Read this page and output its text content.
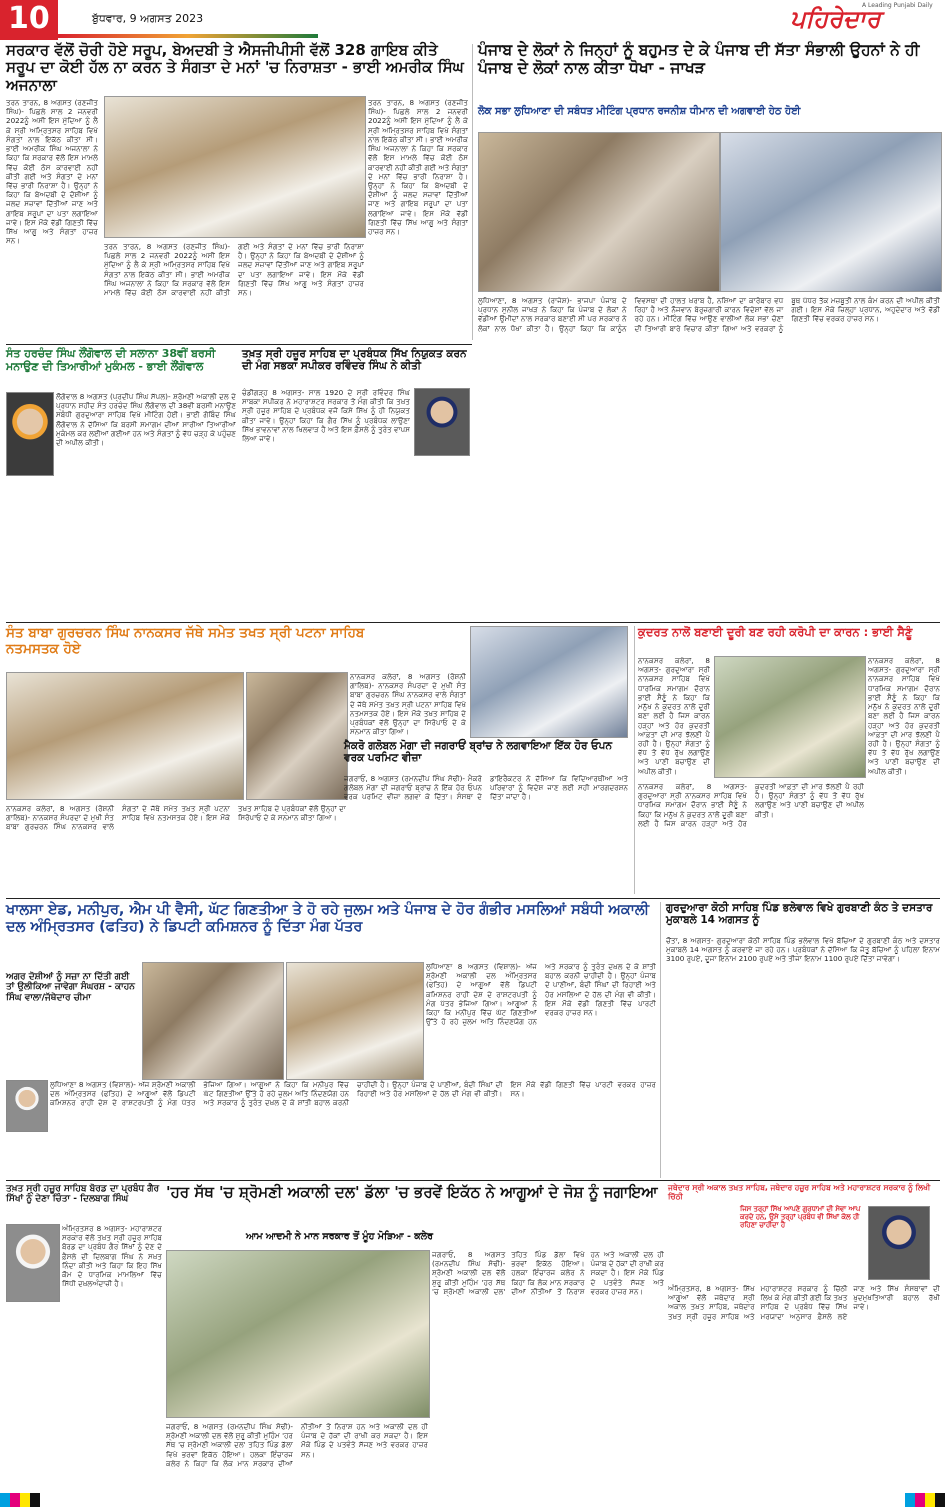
10	ਬੁੱਧਵਾਰ, 9 ਅਗਸਤ 2023	ਪਹਿਰੇਦਾਰ
A Leading Punjabi Daily
ਸਰਕਾਰ ਵੱਲੋਂ ਚੋਰੀ ਹੋਏ ਸਰੂਪ, ਬੇਅਦਬੀ ਤੇ ਐਸਜੀਪੀਸੀ ਵੱਲੋਂ 328 ਗਾਇਬ ਕੀਤੇ ਸਰੂਪ ਦਾ ਕੋਈ ਹੱਲ ਨਾ ਕਰਨ ਤੇ ਸੰਗਤਾ ਦੇ ਮਨਾਂ 'ਚ ਨਿਰਾਸ਼ਤਾ - ਭਾਈ ਅਮਰੀਕ ਸਿੰਘ ਅਜਨਾਲਾ
ਤਰਨ ਤਾਰਨ, 8 ਅਗਸਤ (ਰਣਜੀਤ ਸਿੰਘ)- ਪਿਛਲੇ ਸਾਲ 2 ਜਨਵਰੀ 2022ਨੂੰ ਅਸੀਂ ਇਸ ਮੁੱਦਿਆ ਨੂੰ ਲੈ ਕੇ ਸ੍ਰੀ ਅਮ੍ਰਿਤਸਰ ਸਾਹਿਬ ਵਿਖੇ ਸੰਗਤਾਂ ਨਾਲ ਇਕੱਠ ਕੀਤਾ ਸੀ। ਭਾਈ ਅਮਰੀਕ ਸਿੰਘ ਅਜਨਾਲਾ ਨੇ ਕਿਹਾ ਕਿ ਸਰਕਾਰ ਵੱਲੋਂ ਇਸ ਮਾਮਲੇ ਵਿੱਚ ਕੋਈ ਠੋਸ ਕਾਰਵਾਈ ਨਹੀਂ ਕੀਤੀ ਗਈ ਅਤੇ ਸੰਗਤਾਂ ਦੇ ਮਨਾਂ ਵਿੱਚ ਭਾਰੀ ਨਿਰਾਸ਼ਾ ਹੈ। ਉਨ੍ਹਾਂ ਨੇ ਕਿਹਾ ਕਿ ਬੇਅਦਬੀ ਦੇ ਦੋਸ਼ੀਆਂ ਨੂੰ ਜਲਦ ਸਜ਼ਾਵਾਂ ਦਿੱਤੀਆਂ ਜਾਣ ਅਤੇ ਗਾਇਬ ਸਰੂਪਾਂ ਦਾ ਪਤਾ ਲਗਾਇਆ ਜਾਵੇ। ਇਸ ਮੌਕੇ ਵੱਡੀ ਗਿਣਤੀ ਵਿੱਚ ਸਿੱਖ ਆਗੂ ਅਤੇ ਸੰਗਤਾਂ ਹਾਜ਼ਰ ਸਨ।
ਤਰਨ ਤਾਰਨ, 8 ਅਗਸਤ (ਰਣਜੀਤ ਸਿੰਘ)- ਪਿਛਲੇ ਸਾਲ 2 ਜਨਵਰੀ 2022ਨੂੰ ਅਸੀਂ ਇਸ ਮੁੱਦਿਆ ਨੂੰ ਲੈ ਕੇ ਸ੍ਰੀ ਅਮ੍ਰਿਤਸਰ ਸਾਹਿਬ ਵਿਖੇ ਸੰਗਤਾਂ ਨਾਲ ਇਕੱਠ ਕੀਤਾ ਸੀ। ਭਾਈ ਅਮਰੀਕ ਸਿੰਘ ਅਜਨਾਲਾ ਨੇ ਕਿਹਾ ਕਿ ਸਰਕਾਰ ਵੱਲੋਂ ਇਸ ਮਾਮਲੇ ਵਿੱਚ ਕੋਈ ਠੋਸ ਕਾਰਵਾਈ ਨਹੀਂ ਕੀਤੀ ਗਈ ਅਤੇ ਸੰਗਤਾਂ ਦੇ ਮਨਾਂ ਵਿੱਚ ਭਾਰੀ ਨਿਰਾਸ਼ਾ ਹੈ। ਉਨ੍ਹਾਂ ਨੇ ਕਿਹਾ ਕਿ ਬੇਅਦਬੀ ਦੇ ਦੋਸ਼ੀਆਂ ਨੂੰ ਜਲਦ ਸਜ਼ਾਵਾਂ ਦਿੱਤੀਆਂ ਜਾਣ ਅਤੇ ਗਾਇਬ ਸਰੂਪਾਂ ਦਾ ਪਤਾ ਲਗਾਇਆ ਜਾਵੇ। ਇਸ ਮੌਕੇ ਵੱਡੀ ਗਿਣਤੀ ਵਿੱਚ ਸਿੱਖ ਆਗੂ ਅਤੇ ਸੰਗਤਾਂ ਹਾਜ਼ਰ ਸਨ।
ਤਰਨ ਤਾਰਨ, 8 ਅਗਸਤ (ਰਣਜੀਤ ਸਿੰਘ)- ਪਿਛਲੇ ਸਾਲ 2 ਜਨਵਰੀ 2022ਨੂੰ ਅਸੀਂ ਇਸ ਮੁੱਦਿਆ ਨੂੰ ਲੈ ਕੇ ਸ੍ਰੀ ਅਮ੍ਰਿਤਸਰ ਸਾਹਿਬ ਵਿਖੇ ਸੰਗਤਾਂ ਨਾਲ ਇਕੱਠ ਕੀਤਾ ਸੀ। ਭਾਈ ਅਮਰੀਕ ਸਿੰਘ ਅਜਨਾਲਾ ਨੇ ਕਿਹਾ ਕਿ ਸਰਕਾਰ ਵੱਲੋਂ ਇਸ ਮਾਮਲੇ ਵਿੱਚ ਕੋਈ ਠੋਸ ਕਾਰਵਾਈ ਨਹੀਂ ਕੀਤੀ ਗਈ ਅਤੇ ਸੰਗਤਾਂ ਦੇ ਮਨਾਂ ਵਿੱਚ ਭਾਰੀ ਨਿਰਾਸ਼ਾ ਹੈ। ਉਨ੍ਹਾਂ ਨੇ ਕਿਹਾ ਕਿ ਬੇਅਦਬੀ ਦੇ ਦੋਸ਼ੀਆਂ ਨੂੰ ਜਲਦ ਸਜ਼ਾਵਾਂ ਦਿੱਤੀਆਂ ਜਾਣ ਅਤੇ ਗਾਇਬ ਸਰੂਪਾਂ ਦਾ ਪਤਾ ਲਗਾਇਆ ਜਾਵੇ। ਇਸ ਮੌਕੇ ਵੱਡੀ ਗਿਣਤੀ ਵਿੱਚ ਸਿੱਖ ਆਗੂ ਅਤੇ ਸੰਗਤਾਂ ਹਾਜ਼ਰ ਸਨ।
ਪੰਜਾਬ ਦੇ ਲੋਕਾਂ ਨੇ ਜਿਨ੍ਹਾਂ ਨੂੰ ਬਹੁਮਤ ਦੇ ਕੇ ਪੰਜਾਬ ਦੀ ਸੱਤਾ ਸੰਭਾਲੀ ਉਹਨਾਂ ਨੇ ਹੀ ਪੰਜਾਬ ਦੇ ਲੋਕਾਂ ਨਾਲ ਕੀਤਾ ਧੋਖਾ - ਜਾਖੜ
ਲੋਕ ਸਭਾ ਲੁਧਿਆਣਾ ਦੀ ਸਬੰਧਤ ਮੀਟਿੰਗ ਪ੍ਰਧਾਨ ਰਜਨੀਸ਼ ਧੀਮਾਨ ਦੀ ਅਗਵਾਈ ਹੇਠ ਹੋਈ
ਲੁਧਿਆਣਾ, 8 ਅਗਸਤ (ਰਾਜੇਸ਼)- ਭਾਜਪਾ ਪੰਜਾਬ ਦੇ ਪ੍ਰਧਾਨ ਸੁਨੀਲ ਜਾਖੜ ਨੇ ਕਿਹਾ ਕਿ ਪੰਜਾਬ ਦੇ ਲੋਕਾਂ ਨੇ ਵੱਡੀਆਂ ਉਮੀਦਾਂ ਨਾਲ ਸਰਕਾਰ ਬਣਾਈ ਸੀ ਪਰ ਸਰਕਾਰ ਨੇ ਲੋਕਾਂ ਨਾਲ ਧੋਖਾ ਕੀਤਾ ਹੈ। ਉਨ੍ਹਾਂ ਕਿਹਾ ਕਿ ਕਾਨੂੰਨ ਵਿਵਸਥਾ ਦੀ ਹਾਲਤ ਖ਼ਰਾਬ ਹੈ, ਨਸ਼ਿਆਂ ਦਾ ਕਾਰੋਬਾਰ ਵਧ ਰਿਹਾ ਹੈ ਅਤੇ ਨੌਜਵਾਨ ਬੇਰੁਜ਼ਗਾਰੀ ਕਾਰਨ ਵਿਦੇਸ਼ਾਂ ਵੱਲ ਜਾ ਰਹੇ ਹਨ। ਮੀਟਿੰਗ ਵਿੱਚ ਆਉਣ ਵਾਲੀਆਂ ਲੋਕ ਸਭਾ ਚੋਣਾਂ ਦੀ ਤਿਆਰੀ ਬਾਰੇ ਵਿਚਾਰ ਕੀਤਾ ਗਿਆ ਅਤੇ ਵਰਕਰਾਂ ਨੂੰ ਬੂਥ ਪੱਧਰ ਤੱਕ ਮਜ਼ਬੂਤੀ ਨਾਲ ਕੰਮ ਕਰਨ ਦੀ ਅਪੀਲ ਕੀਤੀ ਗਈ। ਇਸ ਮੌਕੇ ਜ਼ਿਲ੍ਹਾ ਪ੍ਰਧਾਨ, ਅਹੁਦੇਦਾਰ ਅਤੇ ਵੱਡੀ ਗਿਣਤੀ ਵਿੱਚ ਵਰਕਰ ਹਾਜ਼ਰ ਸਨ।
ਸੰਤ ਹਰਚੰਦ ਸਿੰਘ ਲੌਂਗੋਵਾਲ ਦੀ ਸਲਾਨਾ 38ਵੀਂ ਬਰਸੀ ਮਨਾਉਣ ਦੀ ਤਿਆਰੀਆਂ ਮੁਕੰਮਲ - ਭਾਈ ਲੌਂਗੋਵਾਲ
ਲੌਂਗੋਵਾਲ 8 ਅਗਸਤ (ਪ੍ਰਦੀਪ ਸਿੰਘ ਸੱਪਲ)- ਸ਼੍ਰੋਮਣੀ ਅਕਾਲੀ ਦਲ ਦੇ ਪ੍ਰਧਾਨ ਸ਼ਹੀਦ ਸੰਤ ਹਰਚੰਦ ਸਿੰਘ ਲੌਂਗੋਵਾਲ ਦੀ 38ਵੀਂ ਬਰਸੀ ਮਨਾਉਣ ਸਬੰਧੀ ਗੁਰਦੁਆਰਾ ਸਾਹਿਬ ਵਿਖੇ ਮੀਟਿੰਗ ਹੋਈ। ਭਾਈ ਗੋਬਿੰਦ ਸਿੰਘ ਲੌਂਗੋਵਾਲ ਨੇ ਦੱਸਿਆ ਕਿ ਬਰਸੀ ਸਮਾਗਮ ਦੀਆਂ ਸਾਰੀਆਂ ਤਿਆਰੀਆਂ ਮੁਕੰਮਲ ਕਰ ਲਈਆਂ ਗਈਆਂ ਹਨ ਅਤੇ ਸੰਗਤਾਂ ਨੂੰ ਵੱਧ ਚੜ੍ਹ ਕੇ ਪਹੁੰਚਣ ਦੀ ਅਪੀਲ ਕੀਤੀ।
ਤਖ਼ਤ ਸ੍ਰੀ ਹਜ਼ੂਰ ਸਾਹਿਬ ਦਾ ਪ੍ਰਬੰਧਕ ਸਿੱਖ ਨਿਯੁਕਤ ਕਰਨ ਦੀ ਮੰਗ ਸਭਕਾ ਸਪੀਕਰ ਰਵਿੰਦਰ ਸਿੰਘ ਨੇ ਕੀਤੀ
ਚੰਡੀਗੜ੍ਹ 8 ਅਗਸਤ- ਸਾਲ 1920 ਦੇ ਸ੍ਰੀ ਰਵਿੰਦਰ ਸਿੰਘ ਸਾਬਕਾ ਸਪੀਕਰ ਨੇ ਮਹਾਰਾਸ਼ਟਰ ਸਰਕਾਰ ਤੋਂ ਮੰਗ ਕੀਤੀ ਕਿ ਤਖ਼ਤ ਸ੍ਰੀ ਹਜ਼ੂਰ ਸਾਹਿਬ ਦੇ ਪ੍ਰਬੰਧਕ ਵਜੋਂ ਕਿਸੇ ਸਿੱਖ ਨੂੰ ਹੀ ਨਿਯੁਕਤ ਕੀਤਾ ਜਾਵੇ। ਉਨ੍ਹਾਂ ਕਿਹਾ ਕਿ ਗੈਰ ਸਿੱਖ ਨੂੰ ਪ੍ਰਬੰਧਕ ਲਾਉਣਾ ਸਿੱਖ ਭਾਵਨਾਵਾਂ ਨਾਲ ਖਿਲਵਾੜ ਹੈ ਅਤੇ ਇਸ ਫ਼ੈਸਲੇ ਨੂੰ ਤੁਰੰਤ ਵਾਪਸ ਲਿਆ ਜਾਵੇ।
ਸੰਤ ਬਾਬਾ ਗੁਰਚਰਨ ਸਿੰਘ ਨਾਨਕਸਰ ਜੱਥੇ ਸਮੇਤ ਤਖਤ ਸ੍ਰੀ ਪਟਨਾ ਸਾਹਿਬ ਨਤਮਸਤਕ ਹੋਏ
ਨਾਨਕਸਰ ਕਲੇਰਾਂ, 8 ਅਗਸਤ (ਰੋਸ਼ਨੀ ਗਾਲਿਬ)- ਨਾਨਕਸਰ ਸੰਪਰਦਾ ਦੇ ਮੁਖੀ ਸੰਤ ਬਾਬਾ ਗੁਰਚਰਨ ਸਿੰਘ ਨਾਨਕਸਰ ਵਾਲੇ ਸੰਗਤਾਂ ਦੇ ਜੱਥੇ ਸਮੇਤ ਤਖ਼ਤ ਸ੍ਰੀ ਪਟਨਾ ਸਾਹਿਬ ਵਿਖੇ ਨਤਮਸਤਕ ਹੋਏ। ਇਸ ਮੌਕੇ ਤਖ਼ਤ ਸਾਹਿਬ ਦੇ ਪ੍ਰਬੰਧਕਾਂ ਵੱਲੋਂ ਉਨ੍ਹਾਂ ਦਾ ਸਿਰੋਪਾਓ ਦੇ ਕੇ ਸਨਮਾਨ ਕੀਤਾ ਗਿਆ।
ਨਾਨਕਸਰ ਕਲੇਰਾਂ, 8 ਅਗਸਤ (ਰੋਸ਼ਨੀ ਗਾਲਿਬ)- ਨਾਨਕਸਰ ਸੰਪਰਦਾ ਦੇ ਮੁਖੀ ਸੰਤ ਬਾਬਾ ਗੁਰਚਰਨ ਸਿੰਘ ਨਾਨਕਸਰ ਵਾਲੇ ਸੰਗਤਾਂ ਦੇ ਜੱਥੇ ਸਮੇਤ ਤਖ਼ਤ ਸ੍ਰੀ ਪਟਨਾ ਸਾਹਿਬ ਵਿਖੇ ਨਤਮਸਤਕ ਹੋਏ। ਇਸ ਮੌਕੇ ਤਖ਼ਤ ਸਾਹਿਬ ਦੇ ਪ੍ਰਬੰਧਕਾਂ ਵੱਲੋਂ ਉਨ੍ਹਾਂ ਦਾ ਸਿਰੋਪਾਓ ਦੇ ਕੇ ਸਨਮਾਨ ਕੀਤਾ ਗਿਆ।
ਮੈਕਰੋ ਗਲੋਬਲ ਮੋਗਾ ਦੀ ਜਗਰਾਓਂ ਬ੍ਰਾਂਚ ਨੇ ਲਗਵਾਇਆ ਇੱਕ ਹੋਰ ਓਪਨ ਵਰਕ ਪਰਮਿਟ ਵੀਜ਼ਾ
ਜਗਰਾਓਂ, 8 ਅਗਸਤ (ਰਮਨਦੀਪ ਸਿੰਘ ਸੋਢੀ)- ਮੈਕਰੋ ਗਲੋਬਲ ਮੋਗਾ ਦੀ ਜਗਰਾਓਂ ਬ੍ਰਾਂਚ ਨੇ ਇੱਕ ਹੋਰ ਓਪਨ ਵਰਕ ਪਰਮਿਟ ਵੀਜ਼ਾ ਲਗਵਾ ਕੇ ਦਿੱਤਾ। ਸੰਸਥਾ ਦੇ ਡਾਇਰੈਕਟਰ ਨੇ ਦੱਸਿਆ ਕਿ ਵਿਦਿਆਰਥੀਆਂ ਅਤੇ ਪਰਿਵਾਰਾਂ ਨੂੰ ਵਿਦੇਸ਼ ਜਾਣ ਲਈ ਸਹੀ ਮਾਰਗਦਰਸ਼ਨ ਦਿੱਤਾ ਜਾਂਦਾ ਹੈ।
ਕੁਦਰਤ ਨਾਲੋਂ ਬਣਾਈ ਦੂਰੀ ਬਣ ਰਹੀ ਕਰੋਪੀ ਦਾ ਕਾਰਨ : ਭਾਈ ਸੈਣੂੰ
ਨਾਨਕਸਰ ਕਲੇਰਾਂ, 8 ਅਗਸਤ- ਗੁਰਦੁਆਰਾ ਸ੍ਰੀ ਨਾਨਕਸਰ ਸਾਹਿਬ ਵਿਖੇ ਧਾਰਮਿਕ ਸਮਾਗਮ ਦੌਰਾਨ ਭਾਈ ਸੈਣੂੰ ਨੇ ਕਿਹਾ ਕਿ ਮਨੁੱਖ ਨੇ ਕੁਦਰਤ ਨਾਲੋਂ ਦੂਰੀ ਬਣਾ ਲਈ ਹੈ ਜਿਸ ਕਾਰਨ ਹੜ੍ਹਾਂ ਅਤੇ ਹੋਰ ਕੁਦਰਤੀ ਆਫ਼ਤਾਂ ਦੀ ਮਾਰ ਝੱਲਣੀ ਪੈ ਰਹੀ ਹੈ। ਉਨ੍ਹਾਂ ਸੰਗਤਾਂ ਨੂੰ ਵੱਧ ਤੋਂ ਵੱਧ ਰੁੱਖ ਲਗਾਉਣ ਅਤੇ ਪਾਣੀ ਬਚਾਉਣ ਦੀ ਅਪੀਲ ਕੀਤੀ।
ਨਾਨਕਸਰ ਕਲੇਰਾਂ, 8 ਅਗਸਤ- ਗੁਰਦੁਆਰਾ ਸ੍ਰੀ ਨਾਨਕਸਰ ਸਾਹਿਬ ਵਿਖੇ ਧਾਰਮਿਕ ਸਮਾਗਮ ਦੌਰਾਨ ਭਾਈ ਸੈਣੂੰ ਨੇ ਕਿਹਾ ਕਿ ਮਨੁੱਖ ਨੇ ਕੁਦਰਤ ਨਾਲੋਂ ਦੂਰੀ ਬਣਾ ਲਈ ਹੈ ਜਿਸ ਕਾਰਨ ਹੜ੍ਹਾਂ ਅਤੇ ਹੋਰ ਕੁਦਰਤੀ ਆਫ਼ਤਾਂ ਦੀ ਮਾਰ ਝੱਲਣੀ ਪੈ ਰਹੀ ਹੈ। ਉਨ੍ਹਾਂ ਸੰਗਤਾਂ ਨੂੰ ਵੱਧ ਤੋਂ ਵੱਧ ਰੁੱਖ ਲਗਾਉਣ ਅਤੇ ਪਾਣੀ ਬਚਾਉਣ ਦੀ ਅਪੀਲ ਕੀਤੀ।
ਨਾਨਕਸਰ ਕਲੇਰਾਂ, 8 ਅਗਸਤ- ਗੁਰਦੁਆਰਾ ਸ੍ਰੀ ਨਾਨਕਸਰ ਸਾਹਿਬ ਵਿਖੇ ਧਾਰਮਿਕ ਸਮਾਗਮ ਦੌਰਾਨ ਭਾਈ ਸੈਣੂੰ ਨੇ ਕਿਹਾ ਕਿ ਮਨੁੱਖ ਨੇ ਕੁਦਰਤ ਨਾਲੋਂ ਦੂਰੀ ਬਣਾ ਲਈ ਹੈ ਜਿਸ ਕਾਰਨ ਹੜ੍ਹਾਂ ਅਤੇ ਹੋਰ ਕੁਦਰਤੀ ਆਫ਼ਤਾਂ ਦੀ ਮਾਰ ਝੱਲਣੀ ਪੈ ਰਹੀ ਹੈ। ਉਨ੍ਹਾਂ ਸੰਗਤਾਂ ਨੂੰ ਵੱਧ ਤੋਂ ਵੱਧ ਰੁੱਖ ਲਗਾਉਣ ਅਤੇ ਪਾਣੀ ਬਚਾਉਣ ਦੀ ਅਪੀਲ ਕੀਤੀ।
ਖਾਲਸਾ ਏਡ, ਮਨੀਪੁਰ, ਐਮ ਪੀ ਵੈਸੀ, ਘੱਟ ਗਿਣਤੀਆ ਤੇ ਹੋ ਰਹੇ ਜੁਲਮ ਅਤੇ ਪੰਜਾਬ ਦੇ ਹੋਰ ਗੰਭੀਰ ਮਸਲਿਆਂ ਸਬੰਧੀ ਅਕਾਲੀ ਦਲ ਅੰਮ੍ਰਿਤਸਰ (ਫਤਿਹ) ਨੇ ਡਿਪਟੀ ਕਮਿਸ਼ਨਰ ਨੂੰ ਦਿੱਤਾ ਮੰਗ ਪੱਤਰ
ਅਗਰ ਦੋਸ਼ੀਆਂ ਨੂੰ ਸਜ਼ਾ ਨਾ ਦਿੱਤੀ ਗਈ ਤਾਂ ਉਲੀਕਿਆ ਜਾਵੇਗਾ ਸੰਘਰਸ਼ - ਕਾਹਨ ਸਿੰਘ ਵਾਲਾ/ਜੱਥੇਦਾਰ ਚੀਮਾ
ਲੁਧਿਆਣਾ 8 ਅਗਸਤ (ਵਿਸ਼ਾਲ)- ਅੱਜ ਸ਼੍ਰੋਮਣੀ ਅਕਾਲੀ ਦਲ ਅੰਮ੍ਰਿਤਸਰ (ਫਤਿਹ) ਦੇ ਆਗੂਆਂ ਵੱਲੋਂ ਡਿਪਟੀ ਕਮਿਸ਼ਨਰ ਰਾਹੀਂ ਦੇਸ਼ ਦੇ ਰਾਸ਼ਟਰਪਤੀ ਨੂੰ ਮੰਗ ਪੱਤਰ ਭੇਜਿਆ ਗਿਆ। ਆਗੂਆਂ ਨੇ ਕਿਹਾ ਕਿ ਮਨੀਪੁਰ ਵਿੱਚ ਘੱਟ ਗਿਣਤੀਆਂ ਉੱਤੇ ਹੋ ਰਹੇ ਜ਼ੁਲਮ ਅਤਿ ਨਿੰਦਣਯੋਗ ਹਨ ਅਤੇ ਸਰਕਾਰ ਨੂੰ ਤੁਰੰਤ ਦਖ਼ਲ ਦੇ ਕੇ ਸ਼ਾਂਤੀ ਬਹਾਲ ਕਰਨੀ ਚਾਹੀਦੀ ਹੈ। ਉਨ੍ਹਾਂ ਪੰਜਾਬ ਦੇ ਪਾਣੀਆਂ, ਬੰਦੀ ਸਿੰਘਾਂ ਦੀ ਰਿਹਾਈ ਅਤੇ ਹੋਰ ਮਸਲਿਆਂ ਦੇ ਹੱਲ ਦੀ ਮੰਗ ਵੀ ਕੀਤੀ। ਇਸ ਮੌਕੇ ਵੱਡੀ ਗਿਣਤੀ ਵਿੱਚ ਪਾਰਟੀ ਵਰਕਰ ਹਾਜ਼ਰ ਸਨ।
ਲੁਧਿਆਣਾ 8 ਅਗਸਤ (ਵਿਸ਼ਾਲ)- ਅੱਜ ਸ਼੍ਰੋਮਣੀ ਅਕਾਲੀ ਦਲ ਅੰਮ੍ਰਿਤਸਰ (ਫਤਿਹ) ਦੇ ਆਗੂਆਂ ਵੱਲੋਂ ਡਿਪਟੀ ਕਮਿਸ਼ਨਰ ਰਾਹੀਂ ਦੇਸ਼ ਦੇ ਰਾਸ਼ਟਰਪਤੀ ਨੂੰ ਮੰਗ ਪੱਤਰ ਭੇਜਿਆ ਗਿਆ। ਆਗੂਆਂ ਨੇ ਕਿਹਾ ਕਿ ਮਨੀਪੁਰ ਵਿੱਚ ਘੱਟ ਗਿਣਤੀਆਂ ਉੱਤੇ ਹੋ ਰਹੇ ਜ਼ੁਲਮ ਅਤਿ ਨਿੰਦਣਯੋਗ ਹਨ ਅਤੇ ਸਰਕਾਰ ਨੂੰ ਤੁਰੰਤ ਦਖ਼ਲ ਦੇ ਕੇ ਸ਼ਾਂਤੀ ਬਹਾਲ ਕਰਨੀ ਚਾਹੀਦੀ ਹੈ। ਉਨ੍ਹਾਂ ਪੰਜਾਬ ਦੇ ਪਾਣੀਆਂ, ਬੰਦੀ ਸਿੰਘਾਂ ਦੀ ਰਿਹਾਈ ਅਤੇ ਹੋਰ ਮਸਲਿਆਂ ਦੇ ਹੱਲ ਦੀ ਮੰਗ ਵੀ ਕੀਤੀ। ਇਸ ਮੌਕੇ ਵੱਡੀ ਗਿਣਤੀ ਵਿੱਚ ਪਾਰਟੀ ਵਰਕਰ ਹਾਜ਼ਰ ਸਨ।
ਗੁਰਦੁਆਰਾ ਕੋਠੀ ਸਾਹਿਬ ਪਿੰਡ ਭਲੇਵਾਲ ਵਿਖੇ ਗੁਰਬਾਣੀ ਕੰਠ ਤੇ ਦਸਤਾਰ ਮੁਕਾਬਲੇ 14 ਅਗਸਤ ਨੂੰ
ਚੌਂਤਾ, 8 ਅਗਸਤ- ਗੁਰਦੁਆਰਾ ਕੋਠੀ ਸਾਹਿਬ ਪਿੰਡ ਭਲੇਵਾਲ ਵਿਖੇ ਬੱਚਿਆਂ ਦੇ ਗੁਰਬਾਣੀ ਕੰਠ ਅਤੇ ਦਸਤਾਰ ਮੁਕਾਬਲੇ 14 ਅਗਸਤ ਨੂੰ ਕਰਵਾਏ ਜਾ ਰਹੇ ਹਨ। ਪ੍ਰਬੰਧਕਾਂ ਨੇ ਦੱਸਿਆ ਕਿ ਜੇਤੂ ਬੱਚਿਆਂ ਨੂੰ ਪਹਿਲਾ ਇਨਾਮ 3100 ਰੁਪਏ, ਦੂਜਾ ਇਨਾਮ 2100 ਰੁਪਏ ਅਤੇ ਤੀਜਾ ਇਨਾਮ 1100 ਰੁਪਏ ਦਿੱਤਾ ਜਾਵੇਗਾ।
ਤਖ਼ਤ ਸ੍ਰੀ ਹਜ਼ੂਰ ਸਾਹਿਬ ਬੋਰਡ ਦਾ ਪ੍ਰਬੰਧ ਗੈਰ ਸਿੱਖਾਂ ਨੂੰ ਦੇਣਾ ਚਿੰਤਾ - ਦਿਲਬਾਗ ਸਿੰਘ
ਅੰਮ੍ਰਿਤਸਰ 8 ਅਗਸਤ- ਮਹਾਰਾਸ਼ਟਰ ਸਰਕਾਰ ਵੱਲੋਂ ਤਖ਼ਤ ਸ੍ਰੀ ਹਜ਼ੂਰ ਸਾਹਿਬ ਬੋਰਡ ਦਾ ਪ੍ਰਬੰਧ ਗੈਰ ਸਿੱਖਾਂ ਨੂੰ ਦੇਣ ਦੇ ਫ਼ੈਸਲੇ ਦੀ ਦਿਲਬਾਗ ਸਿੰਘ ਨੇ ਸਖ਼ਤ ਨਿੰਦਾ ਕੀਤੀ ਅਤੇ ਕਿਹਾ ਕਿ ਇਹ ਸਿੱਖ ਕੌਮ ਦੇ ਧਾਰਮਿਕ ਮਾਮਲਿਆਂ ਵਿੱਚ ਸਿੱਧੀ ਦਖ਼ਲਅੰਦਾਜ਼ੀ ਹੈ।
'ਹਰ ਸੱਥ 'ਚ ਸ਼੍ਰੋਮਣੀ ਅਕਾਲੀ ਦਲ' ਡੱਲਾ 'ਚ ਭਰਵੇਂ ਇਕੱਠ ਨੇ ਆਗੂਆਂ ਦੇ ਜੋਸ਼ ਨੂੰ ਜਗਾਇਆ
ਆਮ ਆਦਮੀ ਨੇ ਮਾਨ ਸਰਕਾਰ ਤੋਂ ਮੂੰਹ ਮੋੜਿਆ - ਕਲੇਰ
ਜਗਰਾਓਂ, 8 ਅਗਸਤ (ਰਮਨਦੀਪ ਸਿੰਘ ਸੋਢੀ)- ਸ਼੍ਰੋਮਣੀ ਅਕਾਲੀ ਦਲ ਵੱਲੋਂ ਸ਼ੁਰੂ ਕੀਤੀ ਮੁਹਿੰਮ 'ਹਰ ਸੱਥ 'ਚ ਸ਼੍ਰੋਮਣੀ ਅਕਾਲੀ ਦਲ' ਤਹਿਤ ਪਿੰਡ ਡੱਲਾ ਵਿਖੇ ਭਰਵਾਂ ਇਕੱਠ ਹੋਇਆ। ਹਲਕਾ ਇੰਚਾਰਜ ਕਲੇਰ ਨੇ ਕਿਹਾ ਕਿ ਲੋਕ ਮਾਨ ਸਰਕਾਰ ਦੀਆਂ ਨੀਤੀਆਂ ਤੋਂ ਨਿਰਾਸ਼ ਹਨ ਅਤੇ ਅਕਾਲੀ ਦਲ ਹੀ ਪੰਜਾਬ ਦੇ ਹੱਕਾਂ ਦੀ ਰਾਖੀ ਕਰ ਸਕਦਾ ਹੈ। ਇਸ ਮੌਕੇ ਪਿੰਡ ਦੇ ਪਤਵੰਤੇ ਸੱਜਣ ਅਤੇ ਵਰਕਰ ਹਾਜ਼ਰ ਸਨ।
ਜਗਰਾਓਂ, 8 ਅਗਸਤ (ਰਮਨਦੀਪ ਸਿੰਘ ਸੋਢੀ)- ਸ਼੍ਰੋਮਣੀ ਅਕਾਲੀ ਦਲ ਵੱਲੋਂ ਸ਼ੁਰੂ ਕੀਤੀ ਮੁਹਿੰਮ 'ਹਰ ਸੱਥ 'ਚ ਸ਼੍ਰੋਮਣੀ ਅਕਾਲੀ ਦਲ' ਤਹਿਤ ਪਿੰਡ ਡੱਲਾ ਵਿਖੇ ਭਰਵਾਂ ਇਕੱਠ ਹੋਇਆ। ਹਲਕਾ ਇੰਚਾਰਜ ਕਲੇਰ ਨੇ ਕਿਹਾ ਕਿ ਲੋਕ ਮਾਨ ਸਰਕਾਰ ਦੀਆਂ ਨੀਤੀਆਂ ਤੋਂ ਨਿਰਾਸ਼ ਹਨ ਅਤੇ ਅਕਾਲੀ ਦਲ ਹੀ ਪੰਜਾਬ ਦੇ ਹੱਕਾਂ ਦੀ ਰਾਖੀ ਕਰ ਸਕਦਾ ਹੈ। ਇਸ ਮੌਕੇ ਪਿੰਡ ਦੇ ਪਤਵੰਤੇ ਸੱਜਣ ਅਤੇ ਵਰਕਰ ਹਾਜ਼ਰ ਸਨ।
ਜਥੇਦਾਰ ਸ੍ਰੀ ਅਕਾਲ ਤਖ਼ਤ ਸਾਹਿਬ, ਜਥੇਦਾਰ ਹਜ਼ੂਰ ਸਾਹਿਬ ਅਤੇ ਮਹਾਰਾਸ਼ਟਰ ਸਰਕਾਰ ਨੂੰ ਲਿਖੀ ਚਿੱਠੀ
ਜਿਸ ਤਰ੍ਹਾਂ ਸਿੱਖ ਆਪਣੇ ਗੁਰਧਾਮਾਂ ਦੀ ਸੇਵਾ ਆਪ ਕਰਦੇ ਹਨ, ਉਸੇ ਤਰ੍ਹਾਂ ਪ੍ਰਬੰਧ ਵੀ ਸਿੱਖਾਂ ਕੋਲ ਹੀ ਰਹਿਣਾ ਚਾਹੀਦਾ ਹੈ
ਅੰਮ੍ਰਿਤਸਰ, 8 ਅਗਸਤ- ਸਿੱਖ ਆਗੂਆਂ ਵੱਲੋਂ ਜਥੇਦਾਰ ਸ੍ਰੀ ਅਕਾਲ ਤਖ਼ਤ ਸਾਹਿਬ, ਜਥੇਦਾਰ ਤਖ਼ਤ ਸ੍ਰੀ ਹਜ਼ੂਰ ਸਾਹਿਬ ਅਤੇ ਮਹਾਰਾਸ਼ਟਰ ਸਰਕਾਰ ਨੂੰ ਚਿੱਠੀ ਲਿਖ ਕੇ ਮੰਗ ਕੀਤੀ ਗਈ ਕਿ ਤਖ਼ਤ ਸਾਹਿਬ ਦੇ ਪ੍ਰਬੰਧ ਵਿੱਚ ਸਿੱਖ ਮਰਯਾਦਾ ਅਨੁਸਾਰ ਫ਼ੈਸਲੇ ਲਏ ਜਾਣ ਅਤੇ ਸਿੱਖ ਸੰਸਥਾਵਾਂ ਦੀ ਖ਼ੁਦਮੁਖ਼ਤਿਆਰੀ ਬਹਾਲ ਰੱਖੀ ਜਾਵੇ।
